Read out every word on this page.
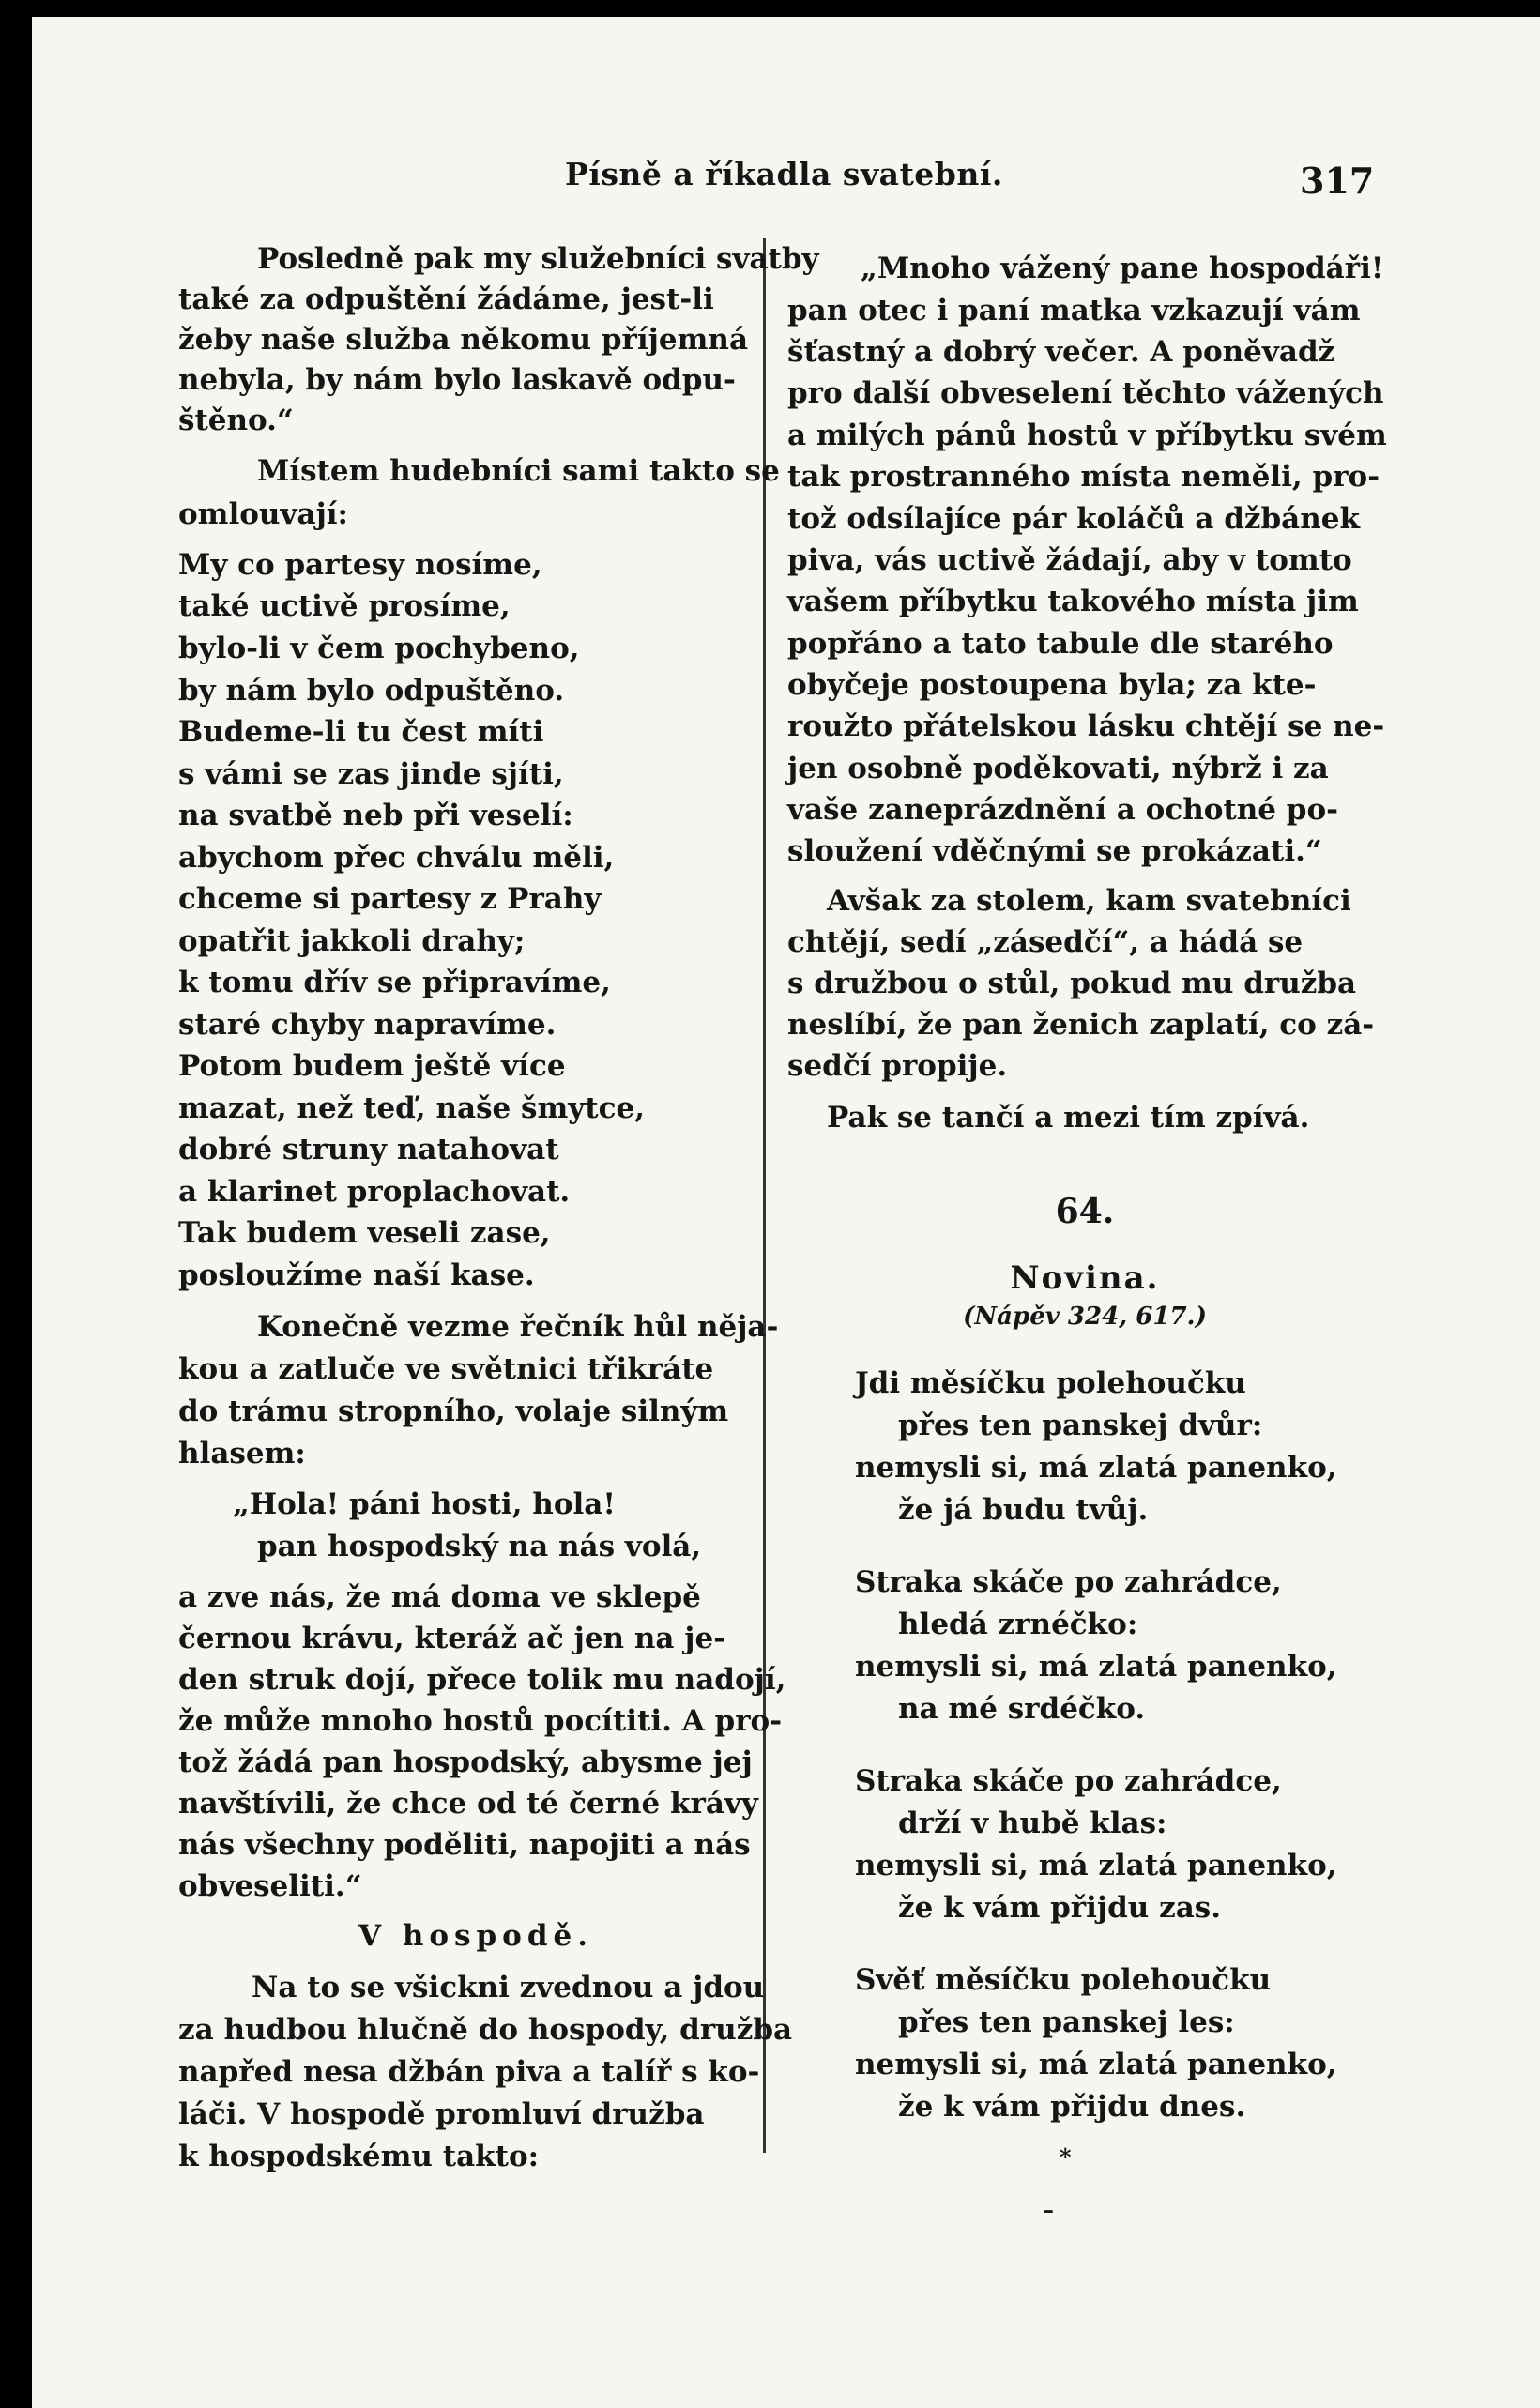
Písně a říkadla svatební.	317
Posledně pak my služebníci svatby
také za odpuštění žádáme, jest-li
žeby naše služba někomu příjemná
nebyla, by nám bylo laskavě odpu-
štěno.“
Místem hudebníci sami takto se
omlouvají:
My co partesy nosíme,
také uctivě prosíme,
bylo-li v čem pochybeno,
by nám bylo odpuštěno.
Budeme-li tu čest míti
s vámi se zas jinde sjíti,
na svatbě neb při veselí:
abychom přec chválu měli,
chceme si partesy z Prahy
opatřit jakkoli drahy;
k tomu dřív se připravíme,
staré chyby napravíme.
Potom budem ještě více
mazat, než teď, naše šmytce,
dobré struny natahovat
a klarinet proplachovat.
Tak budem veseli zase,
posloužíme naší kase.
Konečně vezme řečník hůl něja-
kou a zatluče ve světnici třikráte
do trámu stropního, volaje silným
hlasem:
„Hola! páni hosti, hola!
pan hospodský na nás volá,
a zve nás, že má doma ve sklepě
černou krávu, kteráž ač jen na je-
den struk dojí, přece tolik mu nadojí,
že může mnoho hostů pocítiti. A pro-
tož žádá pan hospodský, abysme jej
navštívili, že chce od té černé krávy
nás všechny poděliti, napojiti a nás
obveseliti.“
V hospodě.
Na to se všickni zvednou a jdou
za hudbou hlučně do hospody, družba
napřed nesa džbán piva a talíř s ko-
láči. V hospodě promluví družba
k hospodskému takto:
„Mnoho vážený pane hospodáři!
pan otec i paní matka vzkazují vám
šťastný a dobrý večer. A poněvadž
pro další obveselení těchto vážených
a milých pánů hostů v příbytku svém
tak prostranného místa neměli, pro-
tož odsílajíce pár koláčů a džbánek
piva, vás uctivě žádají, aby v tomto
vašem příbytku takového místa jim
popřáno a tato tabule dle starého
obyčeje postoupena byla; za kte-
roužto přátelskou lásku chtějí se ne-
jen osobně poděkovati, nýbrž i za
vaše zaneprázdnění a ochotné po-
sloužení vděčnými se prokázati.“
Avšak za stolem, kam svatebníci
chtějí, sedí „zásedčí“, a hádá se
s družbou o stůl, pokud mu družba
neslíbí, že pan ženich zaplatí, co zá-
sedčí propije.
Pak se tančí a mezi tím zpívá.
64.
Novina.
(Nápěv 324, 617.)
Jdi měsíčku polehoučku
přes ten panskej dvůr:
nemysli si, má zlatá panenko,
že já budu tvůj.
Straka skáče po zahrádce,
hledá zrnéčko:
nemysli si, má zlatá panenko,
na mé srdéčko.
Straka skáče po zahrádce,
drží v hubě klas:
nemysli si, má zlatá panenko,
že k vám přijdu zas.
Svěť měsíčku polehoučku
přes ten panskej les:
nemysli si, má zlatá panenko,
že k vám přijdu dnes.
*
–
